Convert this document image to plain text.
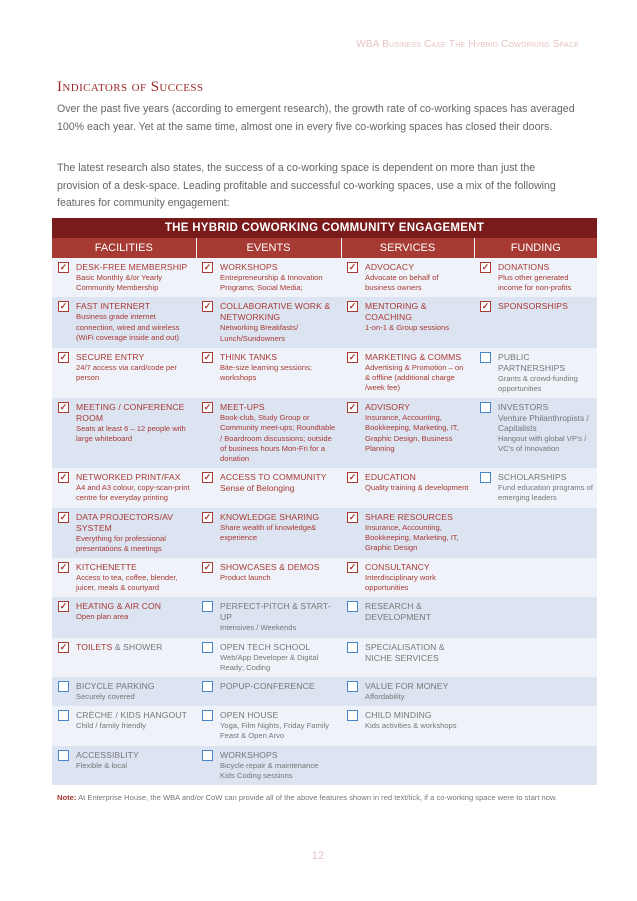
WBA Business Case The Hybrid Coworking Space
Indicators of Success
Over the past five years (according to emergent research), the growth rate of co-working spaces has averaged 100% each year. Yet at the same time, almost one in every five co-working spaces has closed their doors.
The latest research also states, the success of a co-working space is dependent on more than just the provision of a desk-space. Leading profitable and successful co-working spaces, use a mix of the following features for community engagement:
THE HYBRID COWORKING COMMUNITY ENGAGEMENT			
FACILITIES	EVENTS	SERVICES	FUNDING

✓ DESK-FREE MEMBERSHIP
Basic Monthly &/or Yearly Community Membership	✓ WORKSHOPS
Entrepreneurship & Innovation Programs; Social Media;	✓ ADVOCACY
Advocate on behalf of business owners	✓ DONATIONS
Plus other generated income for non-profits

✓ FAST INTERNERT
Business grade internet connection, wired and wireless (WiFi coverage inside and out)	✓ COLLABORATIVE WORK & NETWORKING
Networking Breakfasts/ Lunch/Sundowners	✓ MENTORING & COACHING
1-on-1 & Group sessions	✓ SPONSORSHIPS

✓ SECURE ENTRY
24/7 access via card/code per person	✓ THINK TANKS
Bite-size learning sessions; workshops	✓ MARKETING & COMMS
Advertising & Promotion – on & offline (additional charge /week fee)	PUBLIC PARTNERSHIPS
Grants & crowd-funding opportunities

✓ MEETING / CONFERENCE ROOM
Seats at least 6 – 12 people with large whiteboard	✓ MEET-UPS
Book-club, Study Group or Community meet-ups; Roundtable / Boardroom discussions; outside of business hours Mon-Fri for a donation	✓ ADVISORY
Insurance, Accounting, Bookkeeping, Marketing, IT, Graphic Design, Business Planning	INVESTORS
Venture Philanthropists / Capitalists
Hangout with global VP's / VC's of Innovation

✓ NETWORKED PRINT/FAX
A4 and A3 colour, copy-scan-print centre for everyday printing	✓ ACCESS TO COMMUNITY
Sense of Belonging	✓ EDUCATION
Quality training & development	SCHOLARSHIPS
Fund education programs of emerging leaders

✓ DATA PROJECTORS/AV SYSTEM
Everything for professional presentations & meetings	✓ KNOWLEDGE SHARING
Share wealth of knowledge& experience	✓ SHARE RESOURCES
Insurance, Accounting, Bookkeeping, Marketing, IT, Graphic Design	

✓ KITCHENETTE
Access to tea, coffee, blender, juicer, meals & courtyard	✓ SHOWCASES & DEMOS
Product launch	✓ CONSULTANCY
Interdisciplinary work opportunities	

✓ HEATING & AIR CON
Open plan area	PERFECT-PITCH & START-UP
Intensives / Weekends	RESEARCH & DEVELOPMENT	

✓ TOILETS & SHOWER	OPEN TECH SCHOOL
Web/App Developer & Digital Ready; Coding	SPECIALISATION & NICHE SERVICES	

BICYCLE PARKING
Securely covered	POPUP-CONFERENCE	VALUE FOR MONEY
Affordability	

CRÈCHE / KIDS HANGOUT
Child / family friendly	OPEN HOUSE
Yoga, Film Nights, Friday Family Feast & Open Arvo	CHILD MINDING
Kids activities & workshops	

ACCESSIBLITY
Flexible & local	WORKSHOPS
Bicycle repair & maintenance
Kids Coding sessions		

Note: At Enterprise House, the WBA and/or CoW can provide all of the above features shown in red text/tick, if a co-working space were to start now.
12
